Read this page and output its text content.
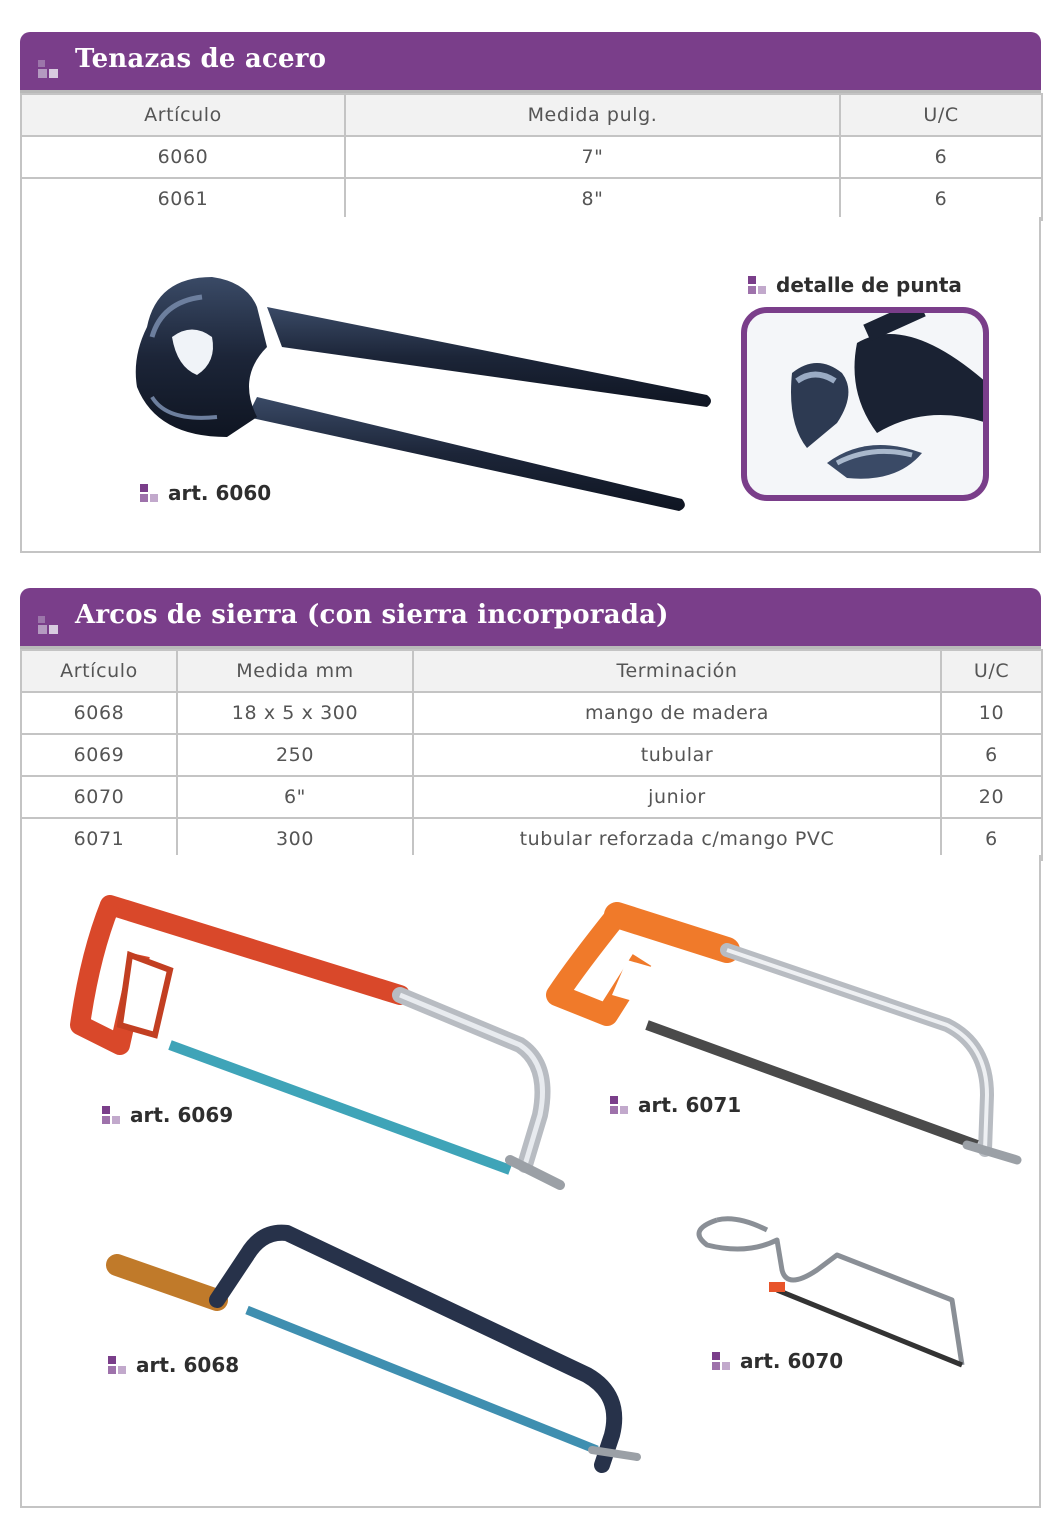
Tenazas de acero
Artículo	Medida pulg.	U/C
6060	7"	6
6061	8"	6
art. 6060
detalle de punta
Arcos de sierra (con sierra incorporada)
Artículo	Medida mm	Terminación	U/C
6068	18 x 5 x 300	mango de madera	10
6069	250	tubular	6
6070	6"	junior	20
6071	300	tubular reforzada c/mango PVC	6
art. 6069	art. 6071
art. 6068	art. 6070
